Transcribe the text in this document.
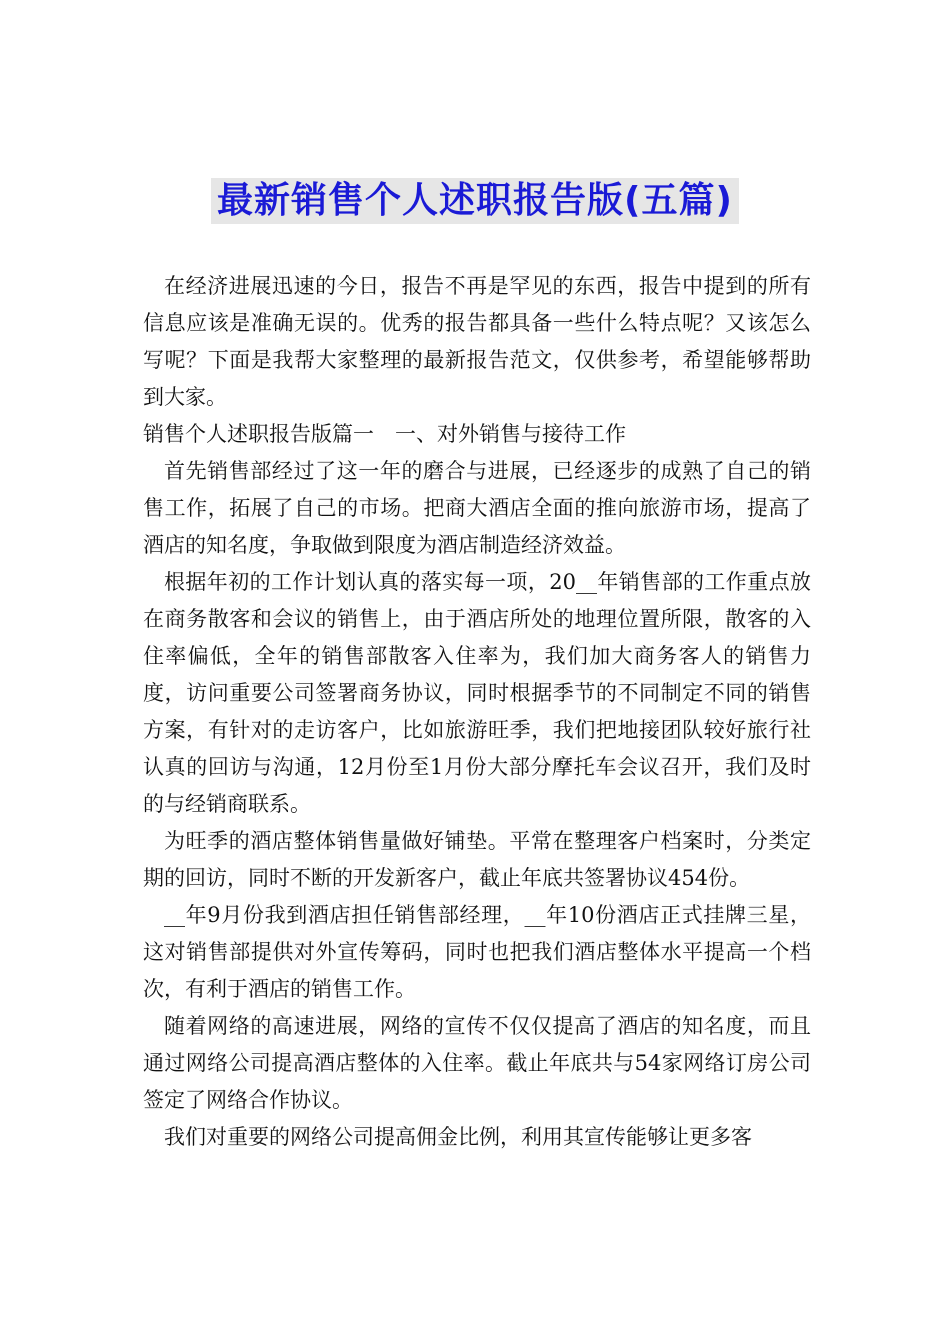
最新销售个人述职报告版(五篇)

在经济进展迅速的今日，报告不再是罕见的东西，报告中提到的所有信息应该是准确无误的。优秀的报告都具备一些什么特点呢？又该怎么写呢？下面是我帮大家整理的最新报告范文，仅供参考，希望能够帮助到大家。

销售个人述职报告版篇一　一、对外销售与接待工作

首先销售部经过了这一年的磨合与进展，已经逐步的成熟了自己的销售工作，拓展了自己的市场。把商大酒店全面的推向旅游市场，提高了酒店的知名度，争取做到限度为酒店制造经济效益。

根据年初的工作计划认真的落实每一项，20__年销售部的工作重点放在商务散客和会议的销售上，由于酒店所处的地理位置所限，散客的入住率偏低，全年的销售部散客入住率为，我们加大商务客人的销售力度，访问重要公司签署商务协议，同时根据季节的不同制定不同的销售方案，有针对的走访客户，比如旅游旺季，我们把地接团队较好旅行社认真的回访与沟通，12月份至1月份大部分摩托车会议召开，我们及时的与经销商联系。

为旺季的酒店整体销售量做好铺垫。平常在整理客户档案时，分类定期的回访，同时不断的开发新客户，截止年底共签署协议454份。

__年9月份我到酒店担任销售部经理，__年10份酒店正式挂牌三星，这对销售部提供对外宣传筹码，同时也把我们酒店整体水平提高一个档次，有利于酒店的销售工作。

随着网络的高速进展，网络的宣传不仅仅提高了酒店的知名度，而且通过网络公司提高酒店整体的入住率。截止年底共与54家网络订房公司签定了网络合作协议。

我们对重要的网络公司提高佣金比例，利用其宣传能够让更多客
